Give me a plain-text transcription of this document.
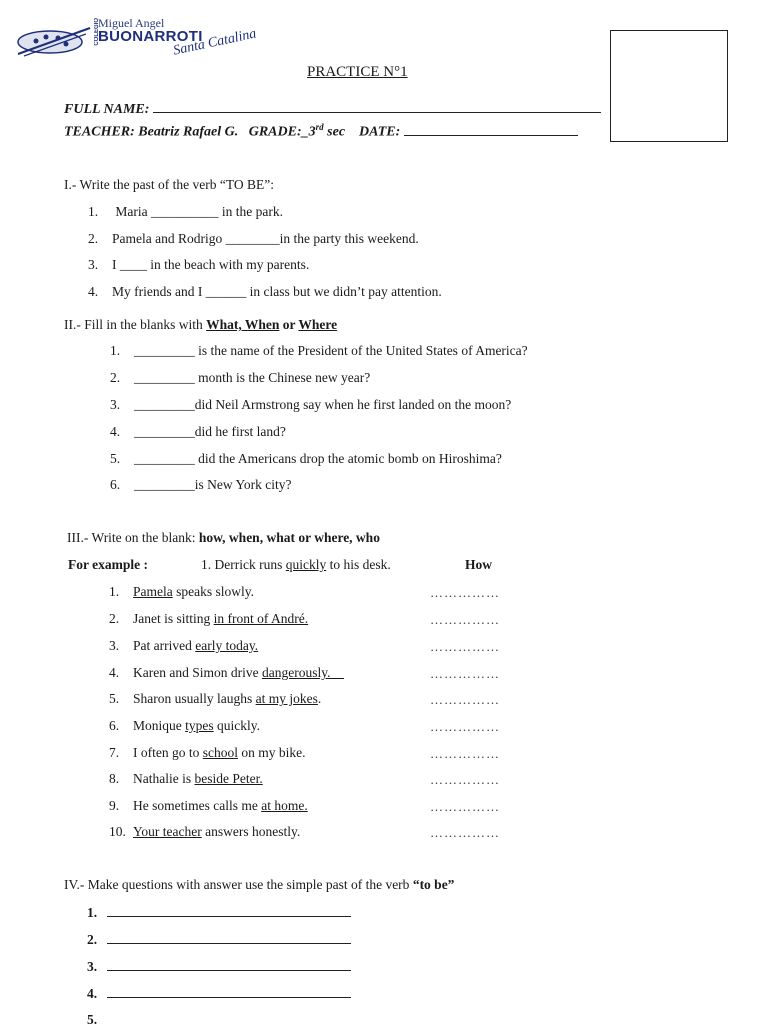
COLEGIO
Miguel Angel
BUONARROTI
Santa Catalina
PRACTICE N°1
FULL NAME:
TEACHER: Beatriz Rafael G. GRADE:_3rd sec DATE:
I.- Write the past of the verb “TO BE”:
1. Maria __________ in the park.
2. Pamela and Rodrigo ________in the party this weekend.
3. I ____ in the beach with my parents.
4. My friends and I ______ in class but we didn’t pay attention.
II.- Fill in the blanks with What, When or Where
1. _________ is the name of the President of the United States of America?
2. _________ month is the Chinese new year?
3. _________did Neil Armstrong say when he first landed on the moon?
4. _________did he first land?
5. _________ did the Americans drop the atomic bomb on Hiroshima?
6. _________is New York city?
III.- Write on the blank: how, when, what or where, who
For example :	1. Derrick runs quickly to his desk.	How
1. Pamela speaks slowly.	……………
2. Janet is sitting in front of André.	……………
3. Pat arrived early today.	……………
4. Karen and Simon drive dangerously.	……………
5. Sharon usually laughs at my jokes.	……………
6. Monique types quickly.	……………
7. I often go to school on my bike.	……………
8. Nathalie is beside Peter.	……………
9. He sometimes calls me at home.	……………
10. Your teacher answers honestly.	……………
IV.- Make questions with answer use the simple past of the verb “to be”
1.
2.
3.
4.
5.
